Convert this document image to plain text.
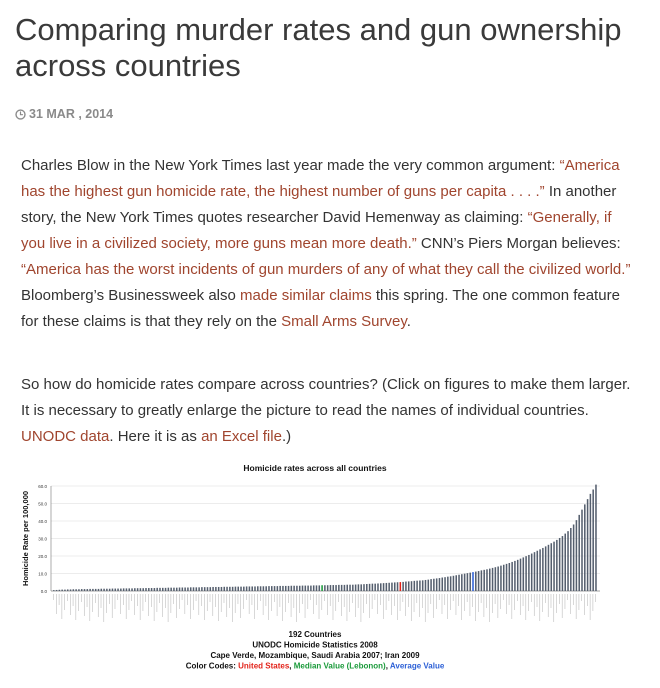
Comparing murder rates and gun ownership across countries
31 MAR , 2014

Charles Blow in the New York Times last year made the very common argument: “America has the highest gun homicide rate, the highest number of guns per capita . . . .” In another story, the New York Times quotes researcher David Hemenway as claiming: “Generally, if you live in a civilized society, more guns mean more death.” CNN’s Piers Morgan believes: “America has the worst incidents of gun murders of any of what they call the civilized world.” Bloomberg’s Businessweek also made similar claims this spring. The one common feature for these claims is that they rely on the Small Arms Survey.

So how do homicide rates compare across countries? (Click on figures to make them larger. It is necessary to greatly enlarge the picture to read the names of individual countries. UNODC data. Here it is as an Excel file.)

Homicide rates across all countries
Homicide Rate per 100,000
0.0
10.0
20.0
30.0
40.0
50.0
60.0
192 Countries
UNODC Homicide Statistics 2008
Cape Verde, Mozambique, Saudi Arabia 2007; Iran 2009
Color Codes: United States, Median Value (Lebonon), Average Value
